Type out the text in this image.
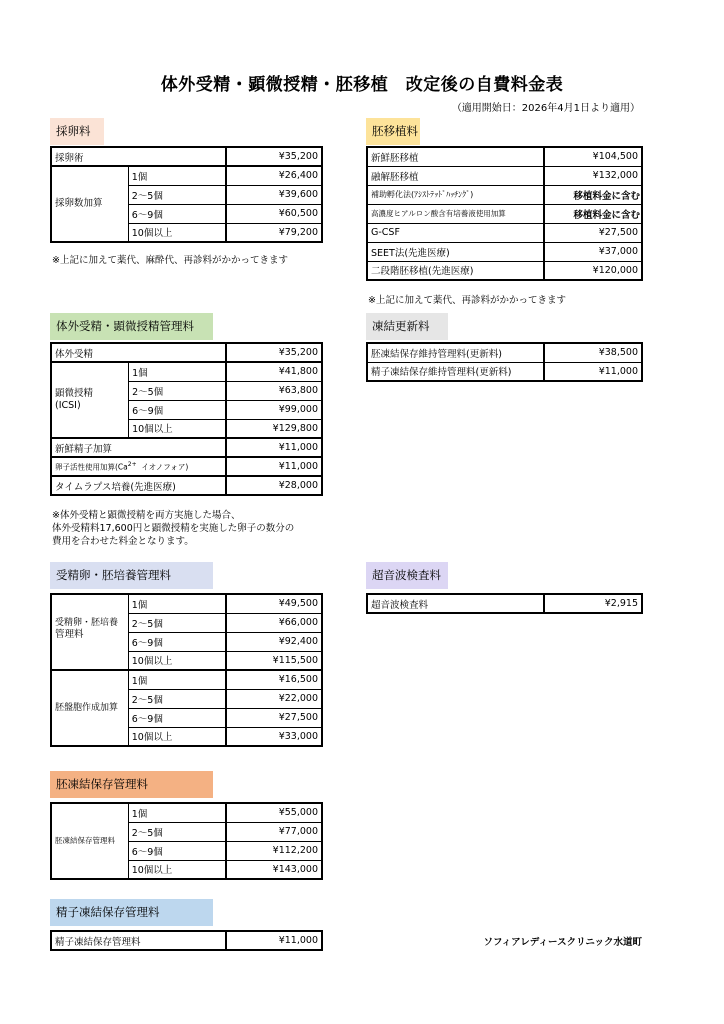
体外受精・顕微授精・胚移植　改定後の自費料金表
（適用開始日：2026年4月1日より適用）
採卵料
採卵術		¥35,200
採卵数加算	1個	¥26,400
	2～5個	¥39,600
	6～9個	¥60,500
	10個以上	¥79,200
※上記に加えて薬代、麻酔代、再診料がかかってきます
胚移植料
新鮮胚移植	¥104,500
融解胚移植	¥132,000
補助孵化法(ｱｼｽﾄﾃｯﾄﾞﾊｯﾁﾝｸﾞ)	移植料金に含む
高濃度ヒアルロン酸含有培養液使用加算	移植料金に含む
G-CSF	¥27,500
SEET法(先進医療)	¥37,000
二段階胚移植(先進医療)	¥120,000
※上記に加えて薬代、再診料がかかってきます
体外受精・顕微授精管理料
体外受精		¥35,200
顕微授精
(ICSI)	1個	¥41,800
	2～5個	¥63,800
	6～9個	¥99,000
	10個以上	¥129,800
新鮮精子加算		¥11,000
卵子活性使用加算($Ca^{2+}$  イオノフォア)		¥11,000
タイムラプス培養(先進医療)		¥28,000
※体外受精と顕微授精を両方実施した場合、
体外受精料17,600円と顕微授精を実施した卵子の数分の
費用を合わせた料金となります。
凍結更新料
胚凍結保存維持管理料(更新料)	¥38,500
精子凍結保存維持管理料(更新料)	¥11,000
受精卵・胚培養管理料
受精卵・胚培養
管理料	1個	¥49,500
	2～5個	¥66,000
	6～9個	¥92,400
	10個以上	¥115,500
胚盤胞作成加算	1個	¥16,500
	2～5個	¥22,000
	6～9個	¥27,500
	10個以上	¥33,000
超音波検査料
超音波検査料	¥2,915
胚凍結保存管理料
胚凍結保存管理料	1個	¥55,000
	2～5個	¥77,000
	6～9個	¥112,200
	10個以上	¥143,000
精子凍結保存管理料
精子凍結保存管理料	¥11,000	ソフィアレディースクリニック水道町
